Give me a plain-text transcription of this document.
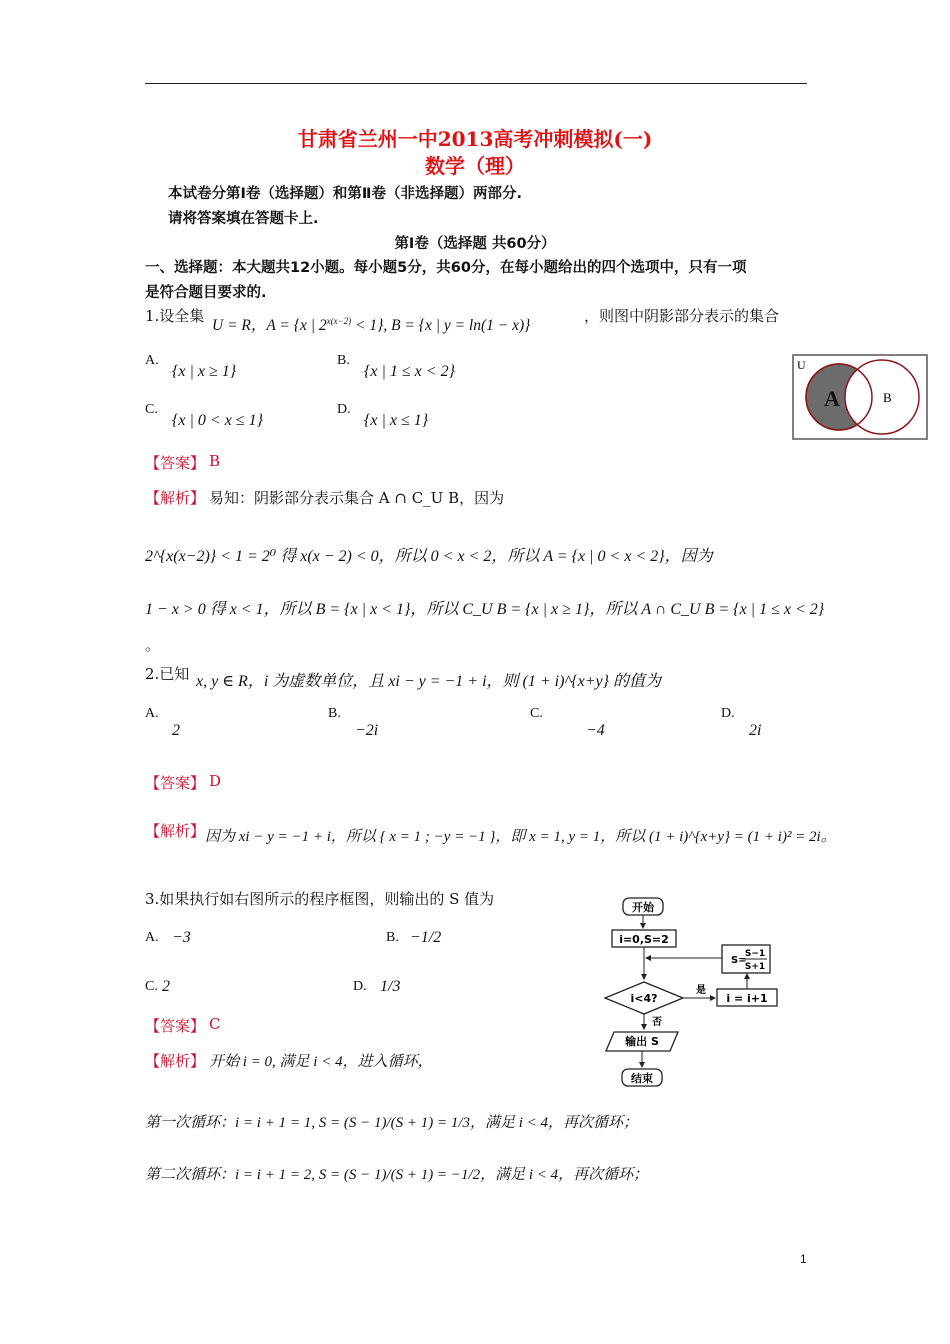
甘肃省兰州一中2013高考冲刺模拟(一)
数学（理）
本试卷分第Ⅰ卷（选择题）和第Ⅱ卷（非选择题）两部分.
请将答案填在答题卡上.
第Ⅰ卷（选择题 共60分）
一、选择题：本大题共12小题。每小题5分，共60分，在每小题给出的四个选项中，只有一项
是符合题目要求的.
1.设全集
U = R，A = {x | $2^{x(x-2)} < 1$}, B = {x | y = ln(1 − x)}
，则图中阴影部分表示的集合
A.
{x | x ≥ 1}
B.
{x | 1 ≤ x < 2}
C.
{x | 0 < x ≤ 1}
D.
{x | x ≤ 1}
U
A	B
【答案】 B
【解析】 易知：阴影部分表示集合 A ∩ C_U B，因为
2^{x(x−2)} < 1 = 2⁰ 得 x(x − 2) < 0，所以 0 < x < 2，所以 A = {x | 0 < x < 2}，因为
1 − x > 0 得 x < 1，所以 B = {x | x < 1}，所以 C_U B = {x | x ≥ 1}，所以 A ∩ C_U B = {x | 1 ≤ x < 2}
。
2.已知 x, y ∈ R，i 为虚数单位，且 xi − y = −1 + i，则 (1 + i)^{x+y} 的值为
A.
2
B.
−2i
C.
−4
D.
2i
【答案】 D
【解析】 因为 xi − y = −1 + i，所以 { x = 1 ; −y = −1 }，即 x = 1, y = 1，所以 (1 + i)^{x+y} = (1 + i)² = 2i。
3.如果执行如右图所示的程序框图，则输出的 S 值为
A. −3	B. −1/2
C. 2	D. 1/3
【答案】 C
【解析】 开始 i = 0, 满足 i < 4，进入循环，
第一次循环：i = i + 1 = 1, S = (S − 1)/(S + 1) = 1/3，满足 i < 4，再次循环；
第二次循环：i = i + 1 = 2, S = (S − 1)/(S + 1) = −1/2，满足 i < 4，再次循环；
开始
i=0,S=2
S=
S−1
S+1
i<4?
是
i = i+1
否
输出 S
结束
1
